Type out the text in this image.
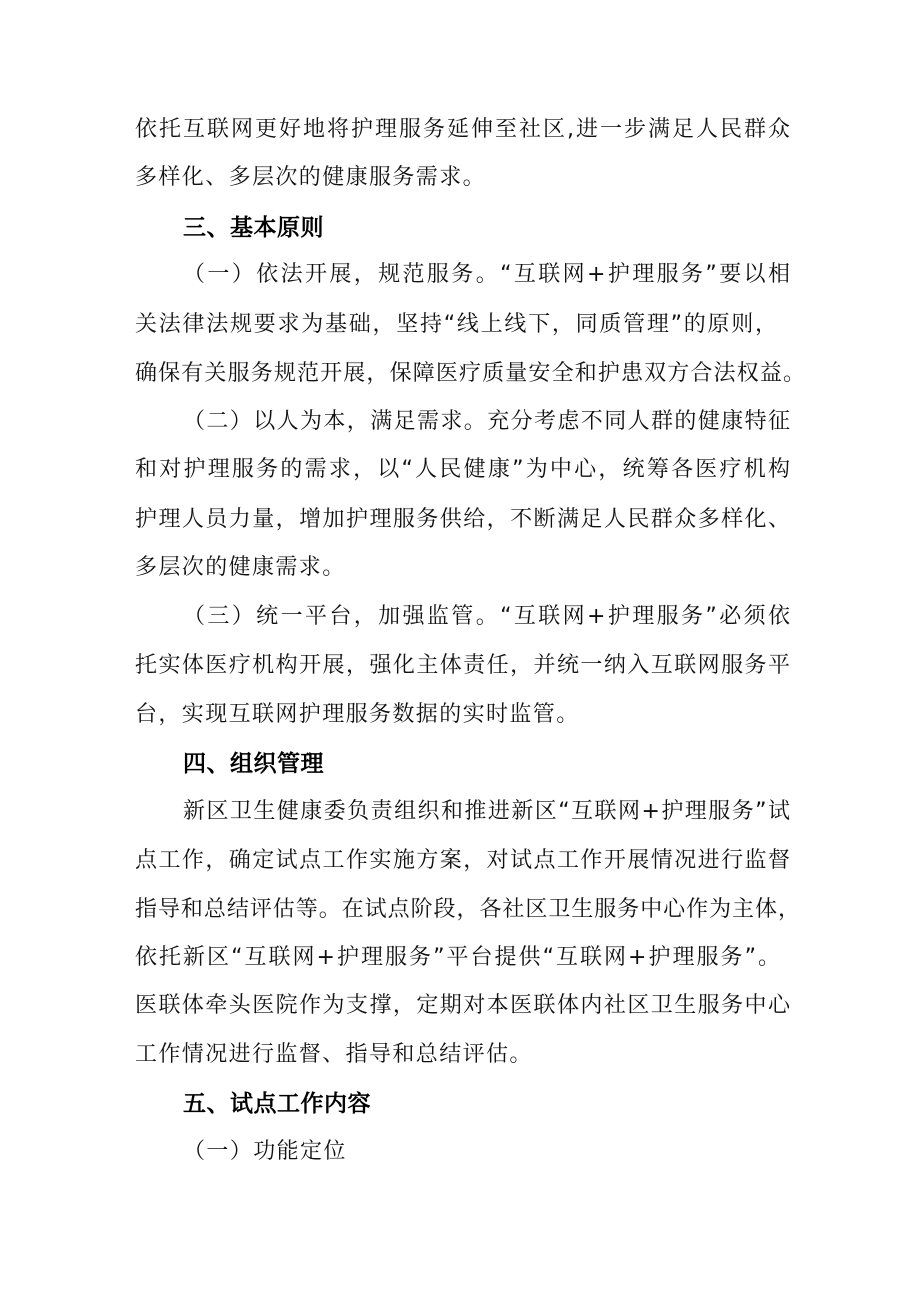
依托互联网更好地将护理服务延伸至社区,进一步满足人民群众
多样化、多层次的健康服务需求。
三、基本原则
（一）依法开展，规范服务。“互联网+护理服务”要以相
关法律法规要求为基础，坚持“线上线下，同质管理”的原则，
确保有关服务规范开展，保障医疗质量安全和护患双方合法权益。
（二）以人为本，满足需求。充分考虑不同人群的健康特征
和对护理服务的需求，以“人民健康”为中心，统筹各医疗机构
护理人员力量，增加护理服务供给，不断满足人民群众多样化、
多层次的健康需求。
（三）统一平台，加强监管。“互联网+护理服务”必须依
托实体医疗机构开展，强化主体责任，并统一纳入互联网服务平
台，实现互联网护理服务数据的实时监管。
四、组织管理
新区卫生健康委负责组织和推进新区“互联网+护理服务”试
点工作，确定试点工作实施方案，对试点工作开展情况进行监督
指导和总结评估等。在试点阶段，各社区卫生服务中心作为主体，
依托新区“互联网+护理服务”平台提供“互联网+护理服务”。
医联体牵头医院作为支撑，定期对本医联体内社区卫生服务中心
工作情况进行监督、指导和总结评估。
五、试点工作内容
（一）功能定位
